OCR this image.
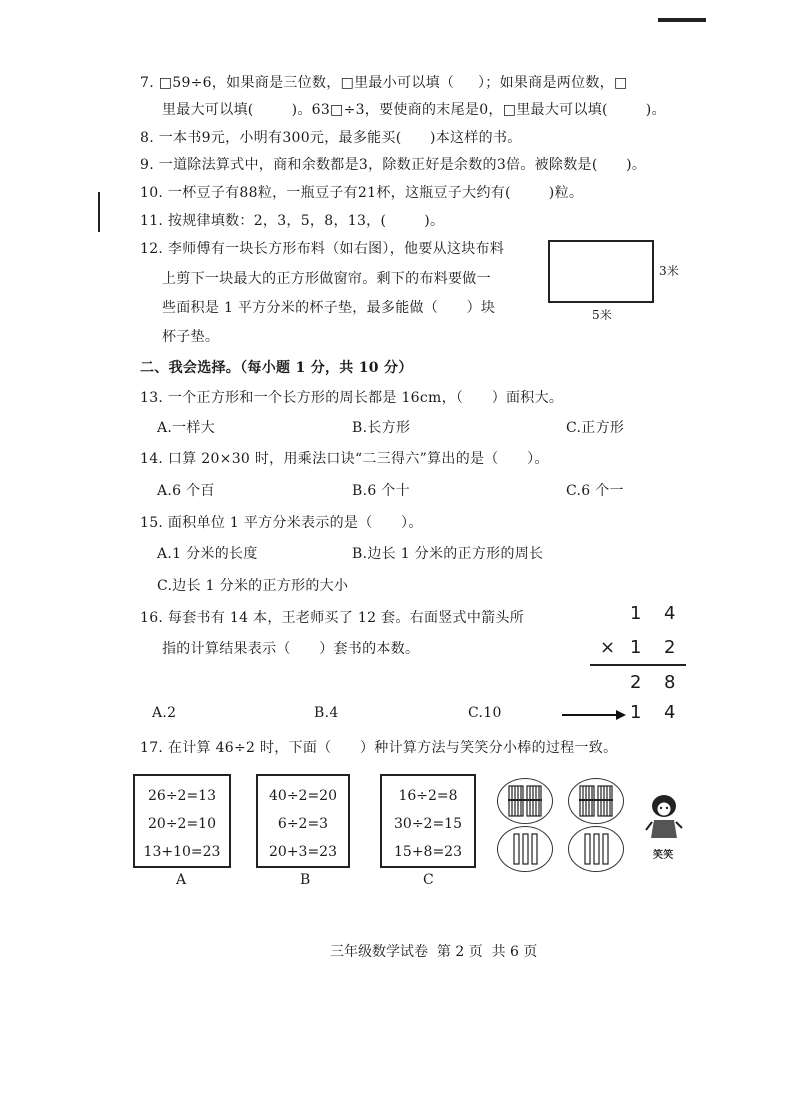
7. □59÷6，如果商是三位数，□里最小可以填（     ）；如果商是两位数，□
里最大可以填(        )。63□÷3，要使商的末尾是0，□里最大可以填(        )。
8. 一本书9元，小明有300元，最多能买(      )本这样的书。
9. 一道除法算式中，商和余数都是3，除数正好是余数的3倍。被除数是(      )。
10. 一杯豆子有88粒，一瓶豆子有21杯，这瓶豆子大约有(        )粒。
11. 按规律填数：2，3，5，8，13，(        )。
12. 李师傅有一块长方形布料（如右图），他要从这块布料
上剪下一块最大的正方形做窗帘。剩下的布料要做一
些面积是 1 平方分米的杯子垫，最多能做（      ）块
杯子垫。
3米
5米
二、我会选择。（每小题 1 分，共 10 分）
13. 一个正方形和一个长方形的周长都是 16cm，（      ）面积大。
A.一样大	B.长方形	C.正方形
14. 口算 20×30 时，用乘法口诀“二三得六”算出的是（      ）。
A.6 个百	B.6 个十	C.6 个一
15. 面积单位 1 平方分米表示的是（      ）。
A.1 分米的长度	B.边长 1 分米的正方形的周长
C.边长 1 分米的正方形的大小
16. 每套书有 14 本，王老师买了 12 套。右面竖式中箭头所
指的计算结果表示（      ）套书的本数。
A.2	B.4	C.10
1 4
× 1 2
2 8
1 4
17. 在计算 46÷2 时，下面（      ）种计算方法与笑笑分小棒的过程一致。
26÷2=13
20÷2=10
13+10=23
A
40÷2=20
6÷2=3
20+3=23
B
16÷2=8
30÷2=15
15+8=23
C
笑笑
三年级数学试卷  第 2 页  共 6 页
